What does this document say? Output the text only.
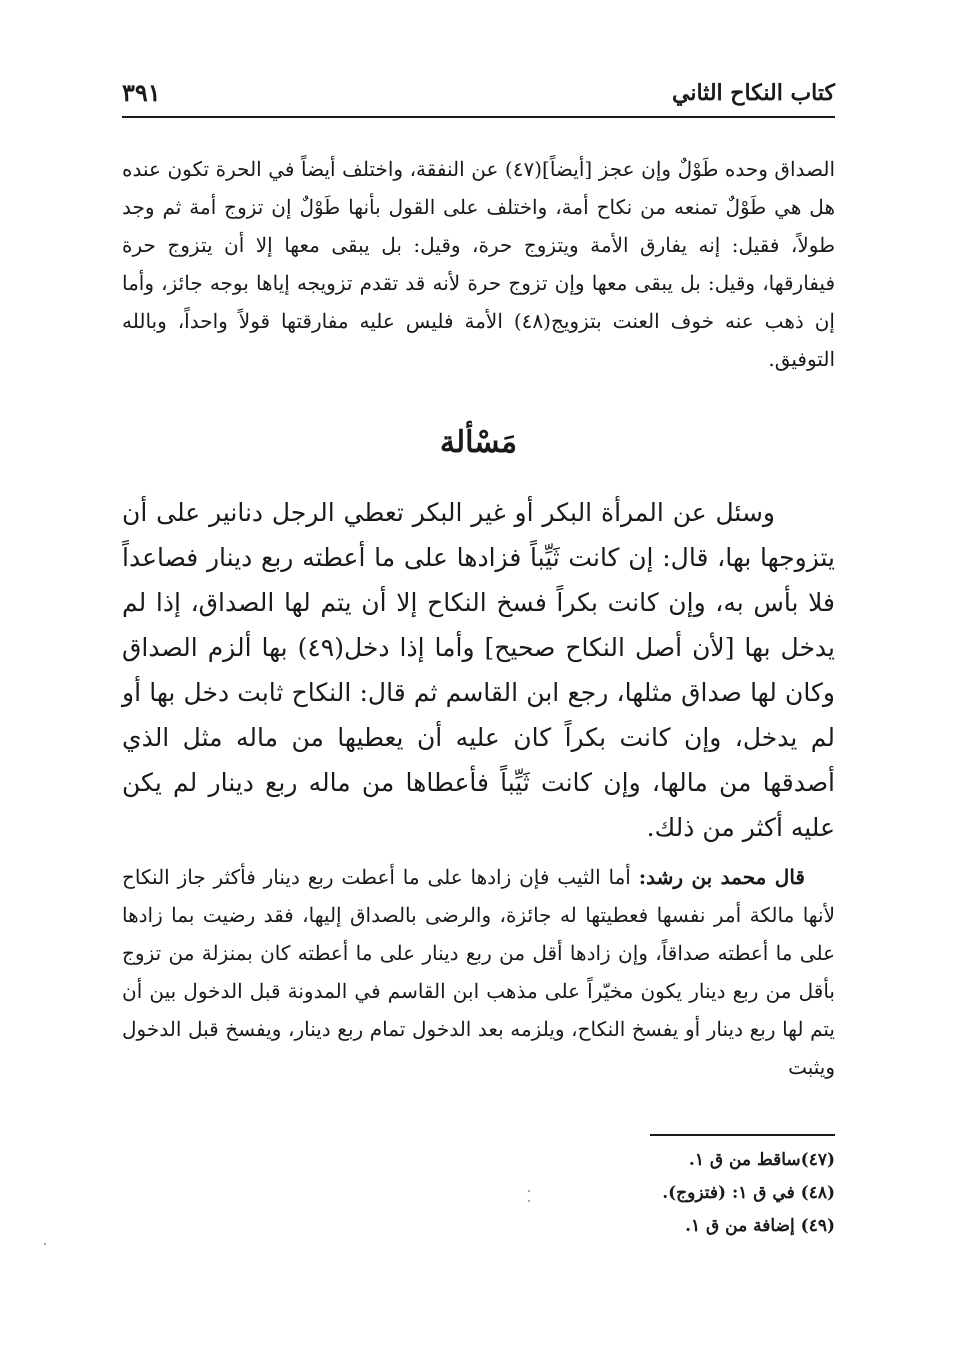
كتاب النكاح الثاني
٣٩١
الصداق وحده طَوْلٌ وإن عجز [أيضاً](٤٧) عن النفقة، واختلف أيضاً في الحرة تكون عنده هل هي طَوْلٌ تمنعه من نكاح أمة، واختلف على القول بأنها طَوْلٌ إن تزوج أمة ثم وجد طولاً، فقيل: إنه يفارق الأمة ويتزوج حرة، وقيل: بل يبقى معها إلا أن يتزوج حرة فيفارقها، وقيل: بل يبقى معها وإن تزوج حرة لأنه قد تقدم تزويجه إياها بوجه جائز، وأما إن ذهب عنه خوف العنت بتزويج(٤٨) الأمة فليس عليه مفارقتها قولاً واحداً، وبالله التوفيق.
مَسْألة
وسئل عن المرأة البكر أو غير البكر تعطي الرجل دنانير على أن يتزوجها بها، قال: إن كانت ثَيِّباً فزادها على ما أعطته ربع دينار فصاعداً فلا بأس به، وإن كانت بكراً فسخ النكاح إلا أن يتم لها الصداق، إذا لم يدخل بها [لأن أصل النكاح صحيح] وأما إذا دخل(٤٩) بها ألزم الصداق وكان لها صداق مثلها، رجع ابن القاسم ثم قال: النكاح ثابت دخل بها أو لم يدخل، وإن كانت بكراً كان عليه أن يعطيها من ماله مثل الذي أصدقها من مالها، وإن كانت ثَيِّباً فأعطاها من ماله ربع دينار لم يكن عليه أكثر من ذلك.
قال محمد بن رشد: أما الثيب فإن زادها على ما أعطت ربع دينار فأكثر جاز النكاح لأنها مالكة أمر نفسها فعطيتها له جائزة، والرضى بالصداق إليها، فقد رضيت بما زادها على ما أعطته صداقاً، وإن زادها أقل من ربع دينار على ما أعطته كان بمنزلة من تزوج بأقل من ربع دينار يكون مخيّراً على مذهب ابن القاسم في المدونة قبل الدخول بين أن يتم لها ربع دينار أو يفسخ النكاح، ويلزمه بعد الدخول تمام ربع دينار، ويفسخ قبل الدخول ويثبت
(٤٧)ساقط من ق ١.
(٤٨) في ق ١: (فتزوج).
(٤٩) إضافة من ق ١.
